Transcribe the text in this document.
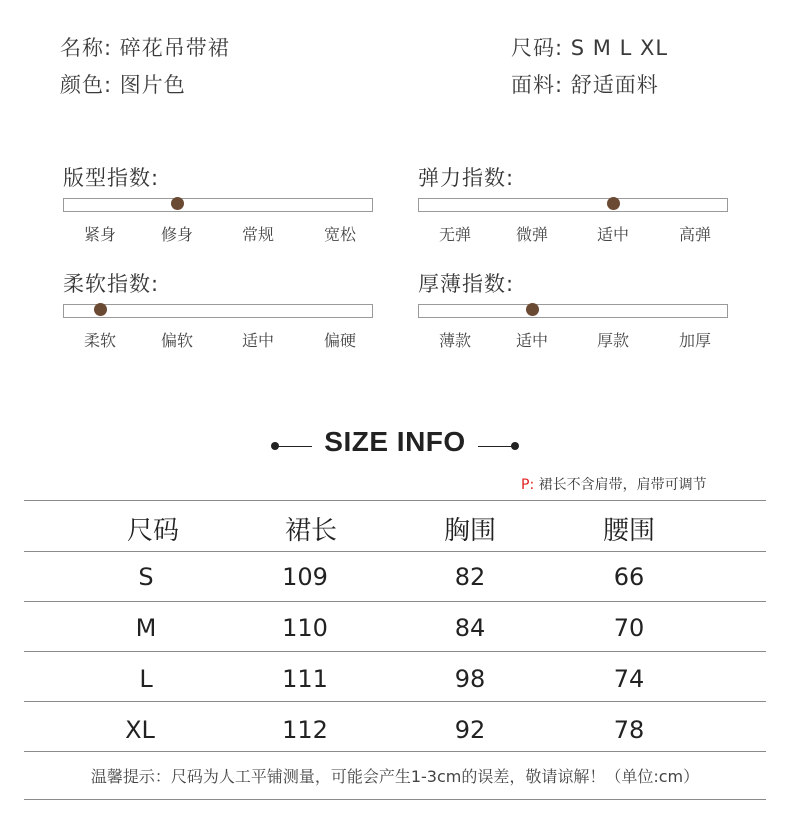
名称: 碎花吊带裙
颜色: 图片色
尺码: S M L XL
面料: 舒适面料
版型指数:
紧身	修身	常规	宽松
弹力指数:
无弹	微弹	适中	高弹
柔软指数:
柔软	偏软	适中	偏硬
厚薄指数:
薄款	适中	厚款	加厚
SIZE INFO
P: 裙长不含肩带，肩带可调节
尺码	裙长	胸围	腰围
S	109	82	66
M	110	84	70
L	111	98	74
XL	112	92	78
温馨提示：尺码为人工平铺测量，可能会产生1-3cm的误差，敬请谅解！（单位:cm）
